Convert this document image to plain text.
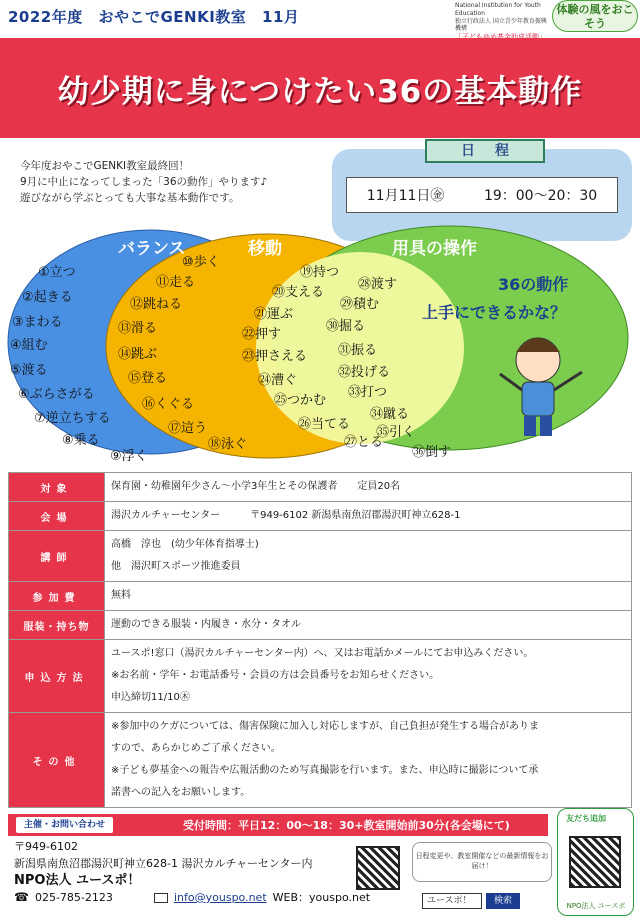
2022年度 おやこでGENKI教室 11月
National Institution for Youth Education
独立行政法人 国立青少年教育振興機構
体験の風をおこそう
幼少期に身につけたい36の基本動作
今年度おやこでGENKI教室最終回！
9月に中止になってしまった「36の動作」やります♪
遊びながら学ぶとっても大事な基本動作です。
日程
11月11日㊎	19：00～20：30
バランス	移動	用具の操作
①立つ
②起きる
③まわる
④組む
⑤渡る
⑥ぶらさがる
⑦逆立ちする
⑧乗る
⑨浮く
⑩歩く
⑪走る
⑫跳ねる
⑬滑る
⑭跳ぶ
⑮登る
⑯くぐる
⑰這う
⑱泳ぐ
⑲持つ
⑳支える
㉑運ぶ
㉒押す
㉓押さえる
㉔漕ぐ
㉕つかむ
㉖当てる
㉗とる
㉘渡す
㉙積む
㉚掘る
㉛振る
㉜投げる
㉝打つ
㉞蹴る
㉟引く
㊱倒す
36の動作
上手にできるかな？
対象	保育園・幼稚園年少さん～小学3年生とその保護者　　定員20名
会場	湯沢カルチャーセンター　　　〒949-6102 新潟県南魚沼郡湯沢町神立628-1
講師	高橋　淳也　(幼少年体育指導士)
他　湯沢町スポーツ推進委員

参加費	無料
服装・持ち物	運動のできる服装・内履き・水分・タオル
申込方法	ユースポ!窓口（湯沢カルチャーセンター内）へ、又はお電話かメールにてお申込みください。
※お名前・学年・お電話番号・会員の方は会員番号をお知らせください。
申込締切11/10㊍

その他	※参加中のケガについては、傷害保険に加入し対応しますが、自己負担が発生する場合がありま
すので、あらかじめご了承ください。
※子ども夢基金への報告や広報活動のため写真撮影を行います。また、申込時に撮影について承
諾書への記入をお願いします。
主催・お問い合わせ	受付時間：平日12：00～18：30+教室開始前30分(各会場にて)
〒949-6102
新潟県南魚沼郡湯沢町神立628-1 湯沢カルチャーセンター内
NPO法人 ユースポ！
☎ 025-785-2123	info@youspo.net WEB：youspo.net
日程変更や、教室開催などの最新情報をお届け！
ユースポ！	検索
友だち追加
NPO法人 ユースポ
